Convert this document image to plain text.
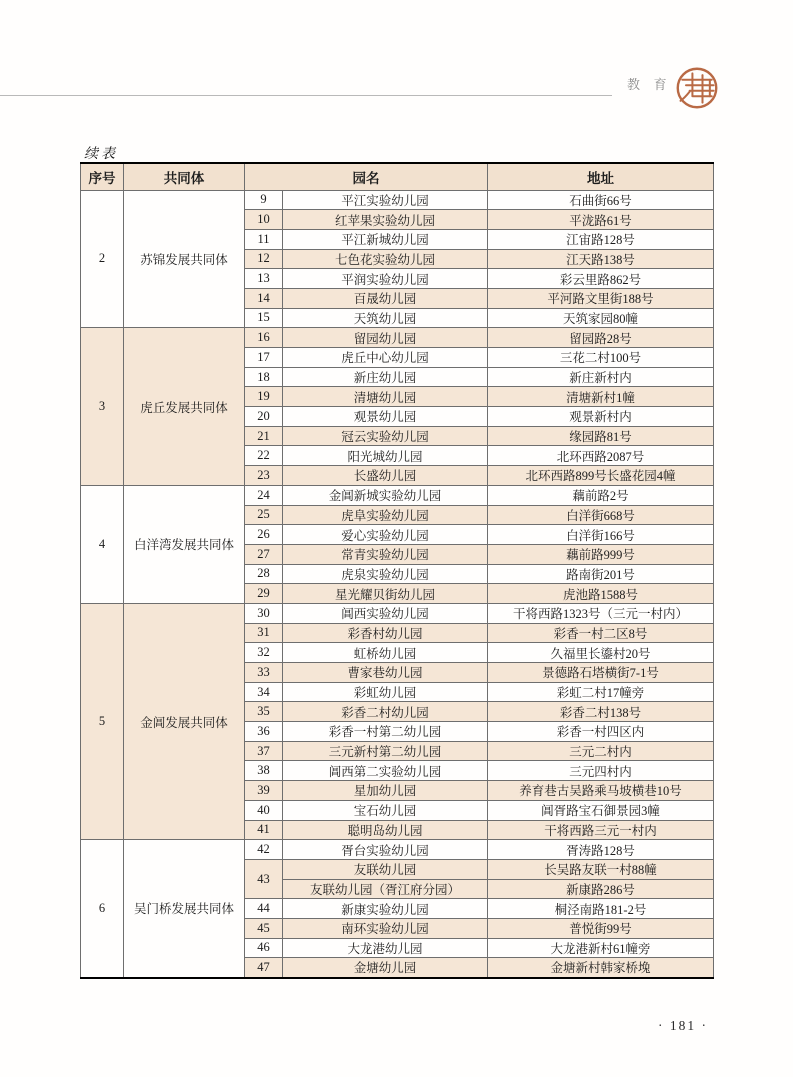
教 育
续表
序号	共同体	园名		地址
2	苏锦发展共同体	9	平江实验幼儿园	石曲街66号
		10	红苹果实验幼儿园	平泷路61号
		11	平江新城幼儿园	江宙路128号
		12	七色花实验幼儿园	江天路138号
		13	平润实验幼儿园	彩云里路862号
		14	百晟幼儿园	平河路文里街188号
		15	天筑幼儿园	天筑家园80幢
3	虎丘发展共同体	16	留园幼儿园	留园路28号
		17	虎丘中心幼儿园	三花二村100号
		18	新庄幼儿园	新庄新村内
		19	清塘幼儿园	清塘新村1幢
		20	观景幼儿园	观景新村内
		21	冠云实验幼儿园	缘园路81号
		22	阳光城幼儿园	北环西路2087号
		23	长盛幼儿园	北环西路899号长盛花园4幢
4	白洋湾发展共同体	24	金阊新城实验幼儿园	藕前路2号
		25	虎阜实验幼儿园	白洋街668号
		26	爱心实验幼儿园	白洋街166号
		27	常青实验幼儿园	藕前路999号
		28	虎泉实验幼儿园	路南街201号
		29	星光耀贝街幼儿园	虎池路1588号
5	金阊发展共同体	30	阊西实验幼儿园	干将西路1323号（三元一村内）
		31	彩香村幼儿园	彩香一村二区8号
		32	虹桥幼儿园	久福里长鎏村20号
		33	曹家巷幼儿园	景德路石塔横街7-1号
		34	彩虹幼儿园	彩虹二村17幢旁
		35	彩香二村幼儿园	彩香二村138号
		36	彩香一村第二幼儿园	彩香一村四区内
		37	三元新村第二幼儿园	三元二村内
		38	阊西第二实验幼儿园	三元四村内
		39	星加幼儿园	养育巷古吴路乘马坡横巷10号
		40	宝石幼儿园	阊胥路宝石御景园3幢
		41	聪明岛幼儿园	干将西路三元一村内
6	吴门桥发展共同体	42	胥台实验幼儿园	胥涛路128号
		43	友联幼儿园	长吴路友联一村88幢
			友联幼儿园（胥江府分园）	新康路286号
		44	新康实验幼儿园	桐泾南路181-2号
		45	南环实验幼儿园	普悦街99号
		46	大龙港幼儿园	大龙港新村61幢旁
		47	金塘幼儿园	金塘新村韩家桥堍
· 181 ·
